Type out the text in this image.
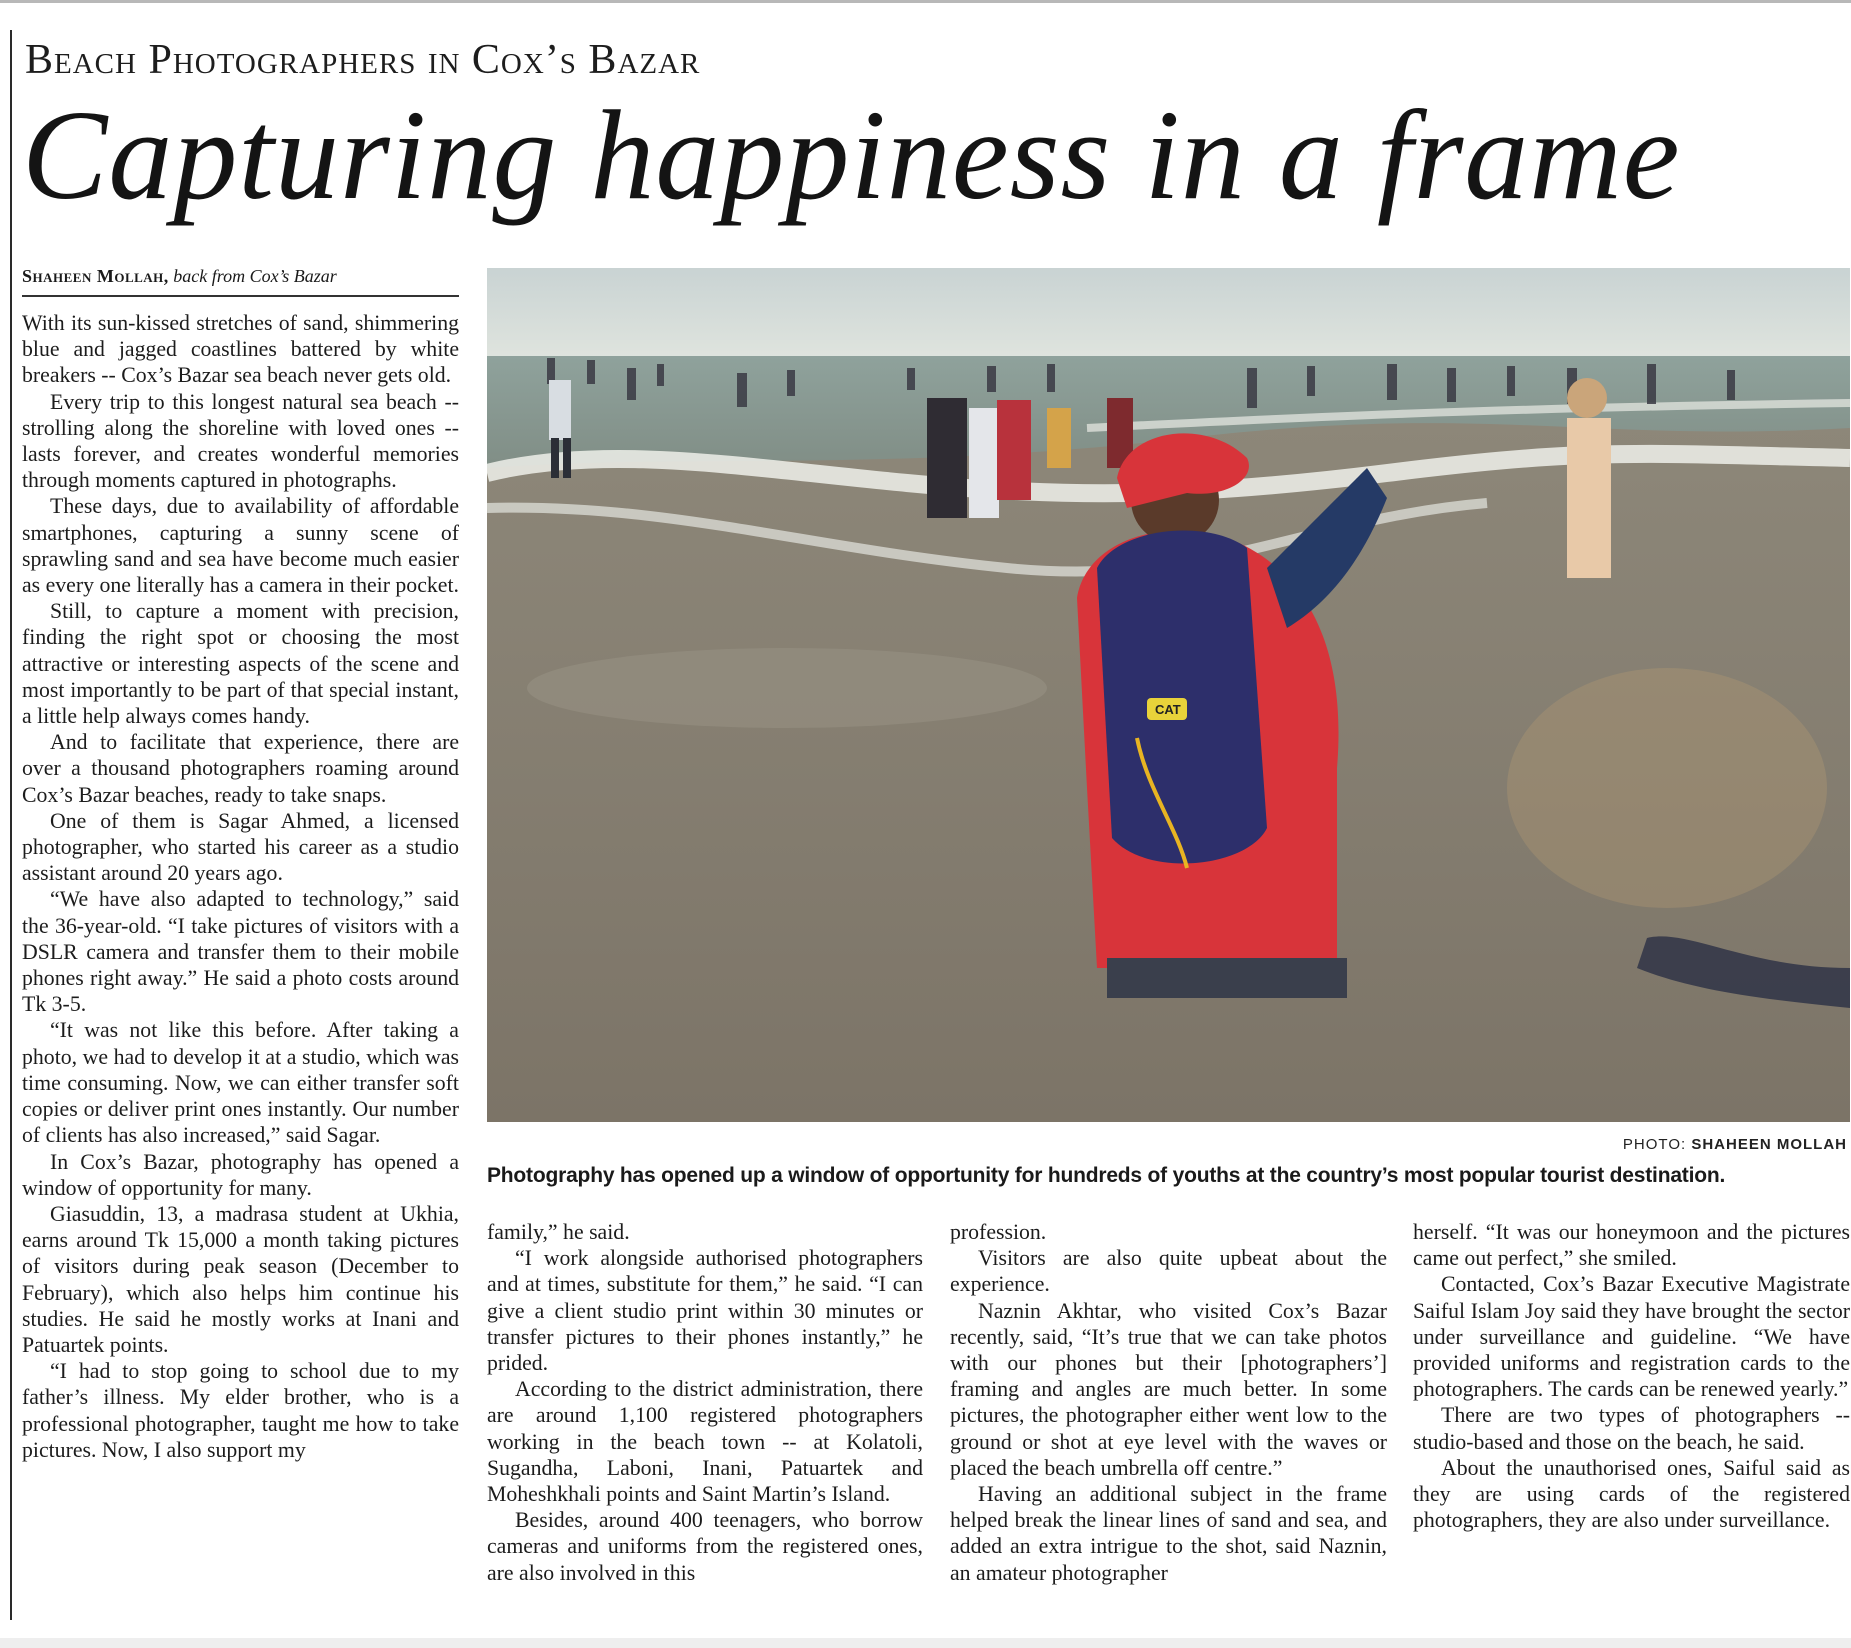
Beach Photographers in Cox’s Bazar
Capturing happiness in a frame
Shaheen Mollah, back from Cox’s Bazar

With its sun-kissed stretches of sand, shimmering blue and jagged coastlines battered by white breakers -- Cox’s Bazar sea beach never gets old.

Every trip to this longest natural sea beach -- strolling along the shoreline with loved ones -- lasts forever, and creates wonderful memories through moments captured in photographs.

These days, due to availability of affordable smartphones, capturing a sunny scene of sprawling sand and sea have become much easier as every one literally has a camera in their pocket.

Still, to capture a moment with precision, finding the right spot or choosing the most attractive or interesting aspects of the scene and most importantly to be part of that special instant, a little help always comes handy.

And to facilitate that experience, there are over a thousand photographers roaming around Cox’s Bazar beaches, ready to take snaps.

One of them is Sagar Ahmed, a licensed photographer, who started his career as a studio assistant around 20 years ago.

“We have also adapted to technology,” said the 36-year-old. “I take pictures of visitors with a DSLR camera and transfer them to their mobile phones right away.” He said a photo costs around Tk 3-5.

“It was not like this before. After taking a photo, we had to develop it at a studio, which was time consuming. Now, we can either transfer soft copies or deliver print ones instantly. Our number of clients has also increased,” said Sagar.

In Cox’s Bazar, photography has opened a window of opportunity for many.

Giasuddin, 13, a madrasa student at Ukhia, earns around Tk 15,000 a month taking pictures of visitors during peak season (December to February), which also helps him continue his studies. He said he mostly works at Inani and Patuartek points.

“I had to stop going to school due to my father’s illness. My elder brother, who is a professional photographer, taught me how to take pictures. Now, I also support my

CAT
PHOTO: SHAHEEN MOLLAH
Photography has opened up a window of opportunity for hundreds of youths at the country’s most popular tourist destination.

family,” he said.

“I work alongside authorised photographers and at times, substitute for them,” he said. “I can give a client studio print within 30 minutes or transfer pictures to their phones instantly,” he prided.

According to the district administration, there are around 1,100 registered photographers working in the beach town -- at Kolatoli, Sugandha, Laboni, Inani, Patuartek and Moheshkhali points and Saint Martin’s Island.

Besides, around 400 teenagers, who borrow cameras and uniforms from the registered ones, are also involved in this

profession.

Visitors are also quite upbeat about the experience.

Naznin Akhtar, who visited Cox’s Bazar recently, said, “It’s true that we can take photos with our phones but their [photographers’] framing and angles are much better. In some pictures, the photographer either went low to the ground or shot at eye level with the waves or placed the beach umbrella off centre.”

Having an additional subject in the frame helped break the linear lines of sand and sea, and added an extra intrigue to the shot, said Naznin, an amateur photographer

herself. “It was our honeymoon and the pictures came out perfect,” she smiled.

Contacted, Cox’s Bazar Executive Magistrate Saiful Islam Joy said they have brought the sector under surveillance and guideline. “We have provided uniforms and registration cards to the photographers. The cards can be renewed yearly.”

There are two types of photographers -- studio-based and those on the beach, he said.

About the unauthorised ones, Saiful said as they are using cards of the registered photographers, they are also under surveillance.
